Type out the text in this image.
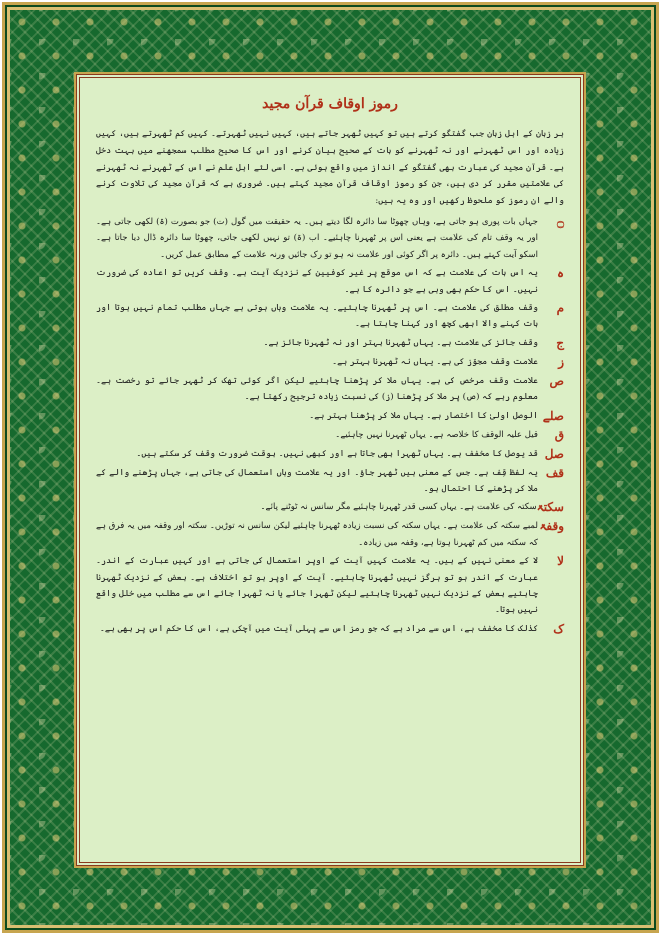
رموز اوقاف قرآن مجید

ہر زبان کے اہل زبان جب گفتگو کرتے ہیں تو کہیں ٹھہر جاتے ہیں، کہیں نہیں ٹھہرتے۔ کہیں کم ٹھہرتے ہیں، کہیں زیادہ اور اس ٹھہرنے اور نہ ٹھہرنے کو بات کے صحیح بیان کرنے اور اس کا صحیح مطلب سمجھنے میں بہت دخل ہے۔ قرآن مجید کی عبارت بھی گفتگو کے انداز میں واقع ہوئی ہے۔ اسی لئے اہل علم نے اس کے ٹھہرنے نہ ٹھہرنے کی علامتیں مقرر کر دی ہیں، جن کو رموز اوقاف قرآن مجید کہتے ہیں۔ ضروری ہے کہ قرآن مجید کی تلاوت کرنے والے ان رموز کو ملحوظ رکھیں اور وہ یہ ہیں:

۝
جہاں بات پوری ہو جاتی ہے، وہاں چھوٹا سا دائرہ لگا دیتے ہیں۔ یہ حقیقت میں گول (ت) جو بصورت (ۃ) لکھی جاتی ہے۔ اور یہ وقف تام کی علامت ہے یعنی اس پر ٹھہرنا چاہئیے۔ اب (ۃ) تو نہیں لکھی جاتی، چھوٹا سا دائرہ ڈال دیا جاتا ہے۔ اسکو آیت کہتے ہیں۔ دائرہ پر اگر کوئی اور علامت نہ ہو تو رک جائیں ورنہ علامت کے مطابق عمل کریں۔
ہ
یہ اس بات کی علامت ہے کہ اس موقع پر غیر کوفیین کے نزدیک آیت ہے۔ وقف کریں تو اعادہ کی ضرورت نہیں۔ اس کا حکم بھی وہی ہے جو دائرہ کا ہے۔
م
وقف مطلق کی علامت ہے۔ اس پر ٹھہرنا چاہئیے۔ یہ علامت وہاں ہوتی ہے جہاں مطلب تمام نہیں ہوتا اور بات کہنے والا ابھی کچھ اور کہنا چاہتا ہے۔
ج
وقف جائز کی علامت ہے۔ یہاں ٹھہرنا بہتر اور نہ ٹھہرنا جائز ہے۔
ز
علامت وقف مجوّز کی ہے۔ یہاں نہ ٹھہرنا بہتر ہے۔
ص
علامت وقف مرخص کی ہے۔ یہاں ملا کر پڑھنا چاہئیے لیکن اگر کوئی تھک کر ٹھہر جائے تو رخصت ہے۔ معلوم رہے کہ (ص) پر ملا کر پڑھنا (ز) کی نسبت زیادہ ترجیح رکھتا ہے۔
صلے
الوصل اولیٰ کا اختصار ہے۔ یہاں ملا کر پڑھنا بہتر ہے۔
ق
قیل علیہ الوقف کا خلاصہ ہے۔ یہاں ٹھہرنا نہیں چاہئیے۔
صل
قد یوصل کا مخفف ہے۔ یہاں ٹھہرا بھی جاتا ہے اور کبھی نہیں۔ بوقت ضرورت وقف کر سکتے ہیں۔
قف
یہ لفظ قِف ہے۔ جس کے معنی ہیں ٹھہر جاؤ۔ اور یہ علامت وہاں استعمال کی جاتی ہے، جہاں پڑھنے والے کے ملا کر پڑھنے کا احتمال ہو۔
سکتۃ
سکتہ کی علامت ہے۔ یہاں کسی قدر ٹھہرنا چاہئیے مگر سانس نہ ٹوٹنے پائے۔
وقفۃ
لمبے سکتہ کی علامت ہے۔ یہاں سکتہ کی نسبت زیادہ ٹھہرنا چاہئیے لیکن سانس نہ توڑیں۔ سکتہ اور وقفہ میں یہ فرق ہے کہ سکتہ میں کم ٹھہرنا ہوتا ہے، وقفہ میں زیادہ۔
لا
لا کے معنی نہیں کے ہیں۔ یہ علامت کہیں آیت کے اوپر استعمال کی جاتی ہے اور کہیں عبارت کے اندر۔ عبارت کے اندر ہو تو ہرگز نہیں ٹھہرنا چاہئیے۔ آیت کے اوپر ہو تو اختلاف ہے۔ بعض کے نزدیک ٹھہرنا چاہئیے بعض کے نزدیک نہیں ٹھہرنا چاہئیے لیکن ٹھہرا جائے یا نہ ٹھہرا جائے اس سے مطلب میں خلل واقع نہیں ہوتا۔
ک
کذٰلک کا مخفف ہے، اس سے مراد ہے کہ جو رمز اس سے پہلی آیت میں آچکی ہے، اس کا حکم اس پر بھی ہے۔
